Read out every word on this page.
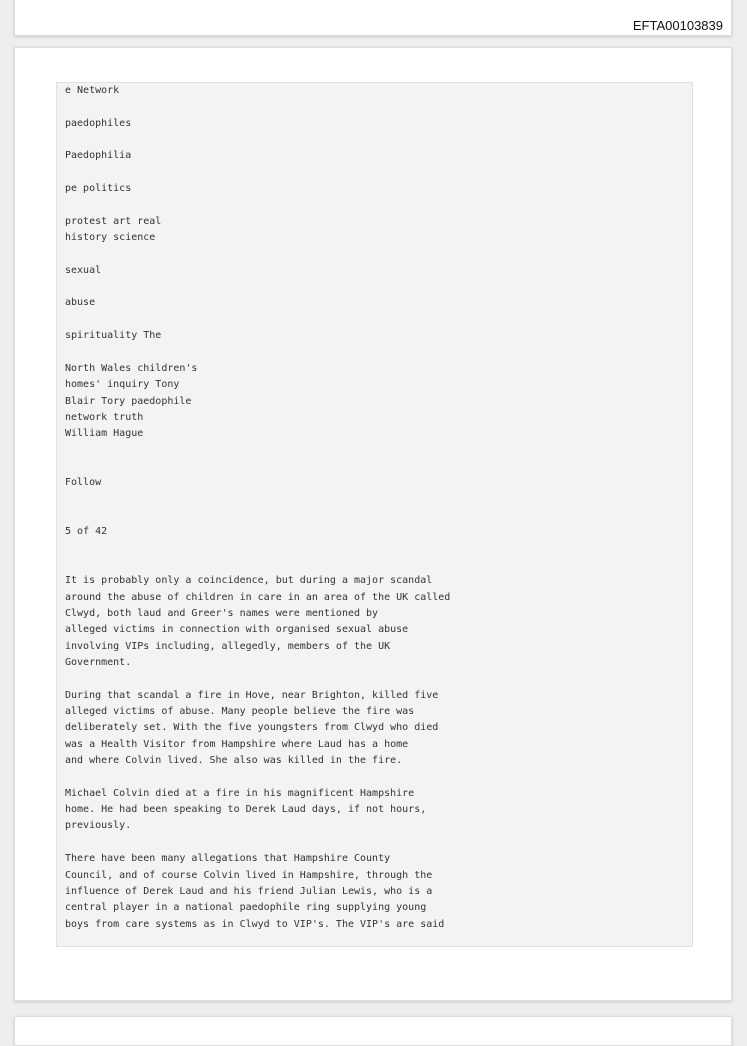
EFTA00103839
e Network

paedophiles

Paedophilia

pe politics

protest art real
history science

sexual

abuse

spirituality The

North Wales children's
homes' inquiry Tony
Blair Tory paedophile
network truth
William Hague

Follow

5 of 42

It is probably only a coincidence, but during a major scandal
around the abuse of children in care in an area of the UK called
Clwyd, both laud and Greer's names were mentioned by
alleged victims in connection with organised sexual abuse
involving VIPs including, allegedly, members of the UK
Government.

During that scandal a fire in Hove, near Brighton, killed five
alleged victims of abuse. Many people believe the fire was
deliberately set. With the five youngsters from Clwyd who died
was a Health Visitor from Hampshire where Laud has a home
and where Colvin lived. She also was killed in the fire.

Michael Colvin died at a fire in his magnificent Hampshire
home. He had been speaking to Derek Laud days, if not hours,
previously.

There have been many allegations that Hampshire County
Council, and of course Colvin lived in Hampshire, through the
influence of Derek Laud and his friend Julian Lewis, who is a
central player in a national paedophile ring supplying young
boys from care systems as in Clwyd to VIP's. The VIP's are said
